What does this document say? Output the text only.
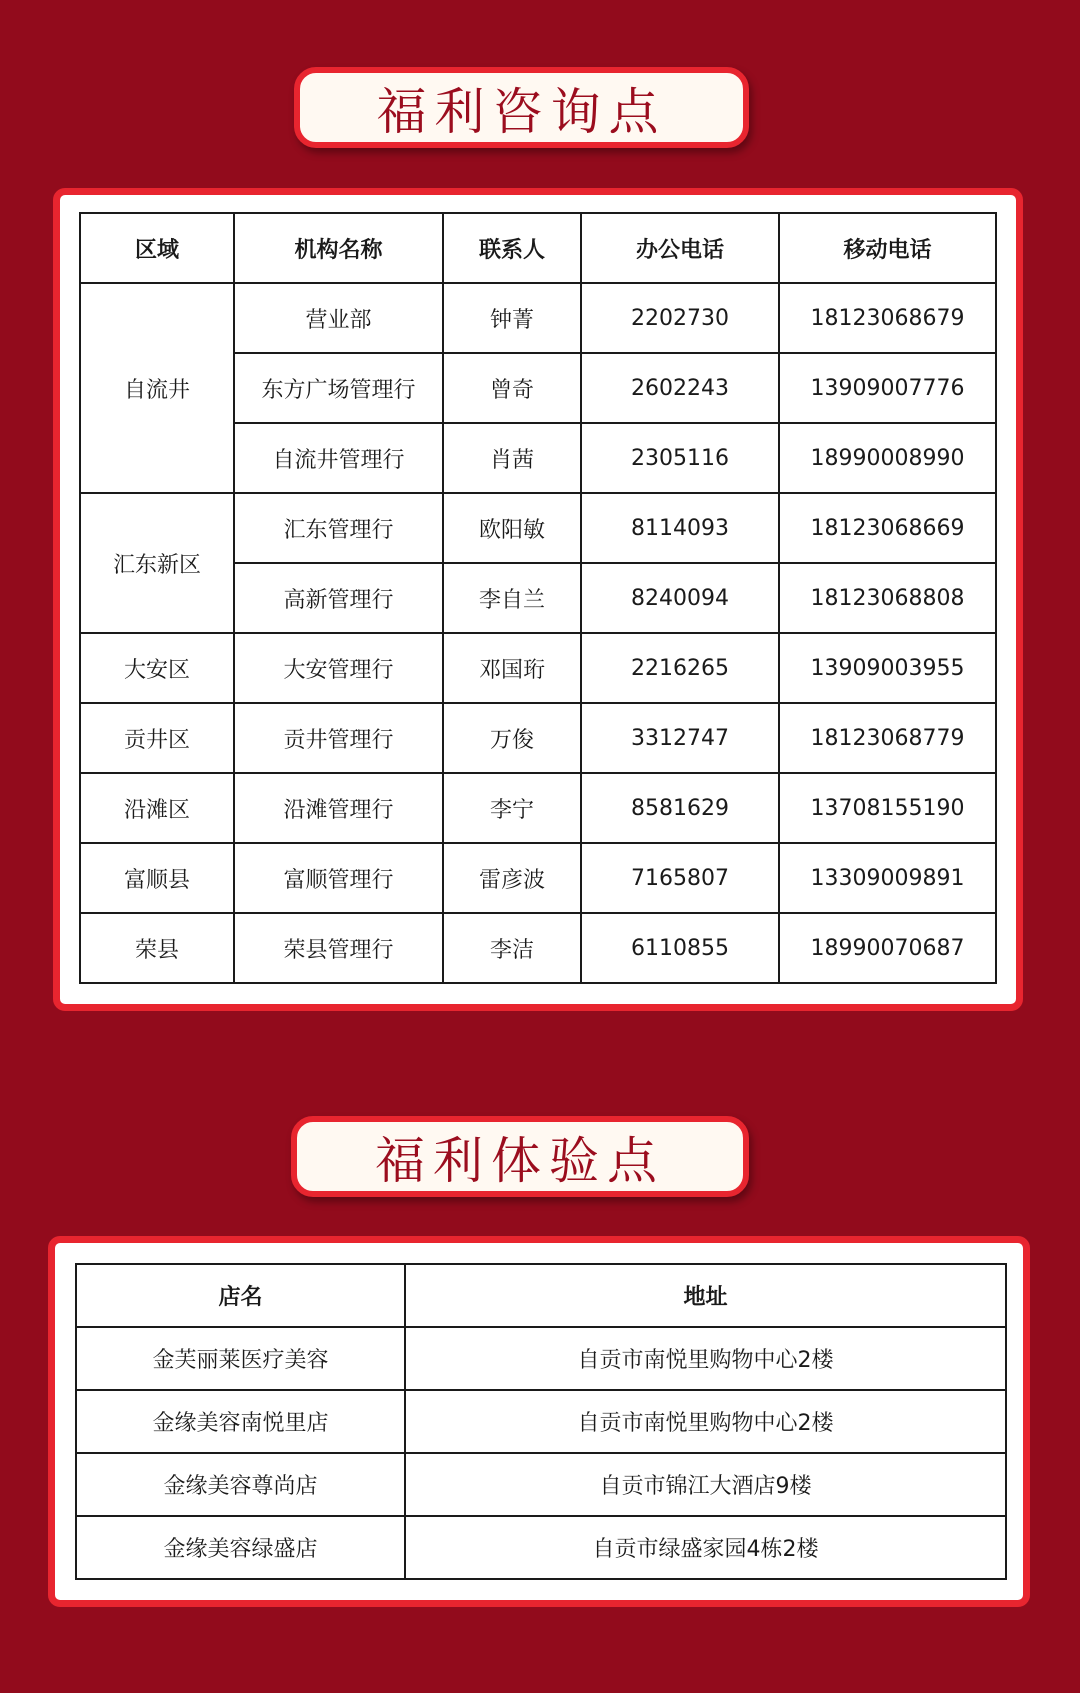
福利咨询点
区域	机构名称	联系人	办公电话	移动电话
自流井	营业部	钟菁	2202730	18123068679
	东方广场管理行	曾奇	2602243	13909007776
	自流井管理行	肖茜	2305116	18990008990
汇东新区	汇东管理行	欧阳敏	8114093	18123068669
	高新管理行	李自兰	8240094	18123068808
大安区	大安管理行	邓国珩	2216265	13909003955
贡井区	贡井管理行	万俊	3312747	18123068779
沿滩区	沿滩管理行	李宁	8581629	13708155190
富顺县	富顺管理行	雷彦波	7165807	13309009891
荣县	荣县管理行	李洁	6110855	18990070687
福利体验点
店名	地址
金芙丽莱医疗美容	自贡市南悦里购物中心2楼
金缘美容南悦里店	自贡市南悦里购物中心2楼
金缘美容尊尚店	自贡市锦江大酒店9楼
金缘美容绿盛店	自贡市绿盛家园4栋2楼
